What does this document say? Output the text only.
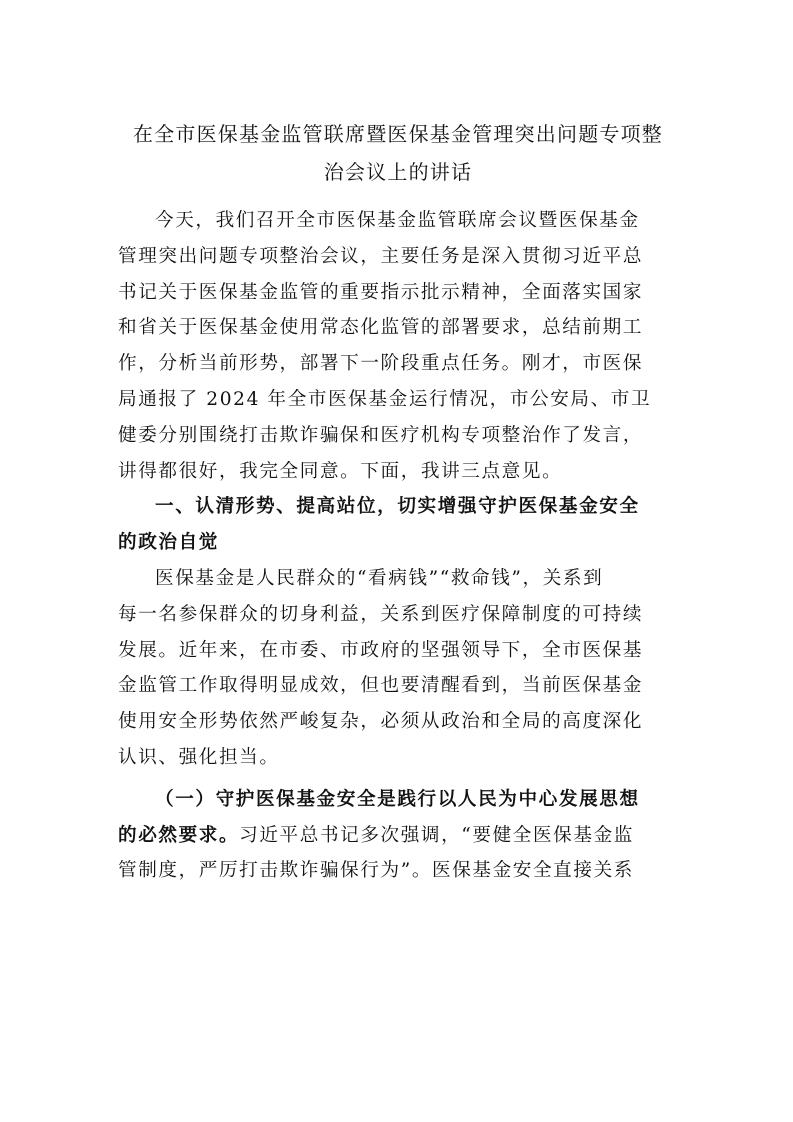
在全市医保基金监管联席暨医保基金管理突出问题专项整
治会议上的讲话

今天，我们召开全市医保基金监管联席会议暨医保基金
管理突出问题专项整治会议，主要任务是深入贯彻习近平总
书记关于医保基金监管的重要指示批示精神，全面落实国家
和省关于医保基金使用常态化监管的部署要求，总结前期工
作，分析当前形势，部署下一阶段重点任务。刚才，市医保
局通报了 2024 年全市医保基金运行情况，市公安局、市卫
健委分别围绕打击欺诈骗保和医疗机构专项整治作了发言，
讲得都很好，我完全同意。下面，我讲三点意见。

一、认清形势、提高站位，切实增强守护医保基金安全
的政治自觉

医保基金是人民群众的“看病钱”“救命钱”，关系到
每一名参保群众的切身利益，关系到医疗保障制度的可持续
发展。近年来，在市委、市政府的坚强领导下，全市医保基
金监管工作取得明显成效，但也要清醒看到，当前医保基金
使用安全形势依然严峻复杂，必须从政治和全局的高度深化
认识、强化担当。

（一）守护医保基金安全是践行以人民为中心发展思想
的必然要求。习近平总书记多次强调，“要健全医保基金监
管制度，严厉打击欺诈骗保行为”。医保基金安全直接关系
